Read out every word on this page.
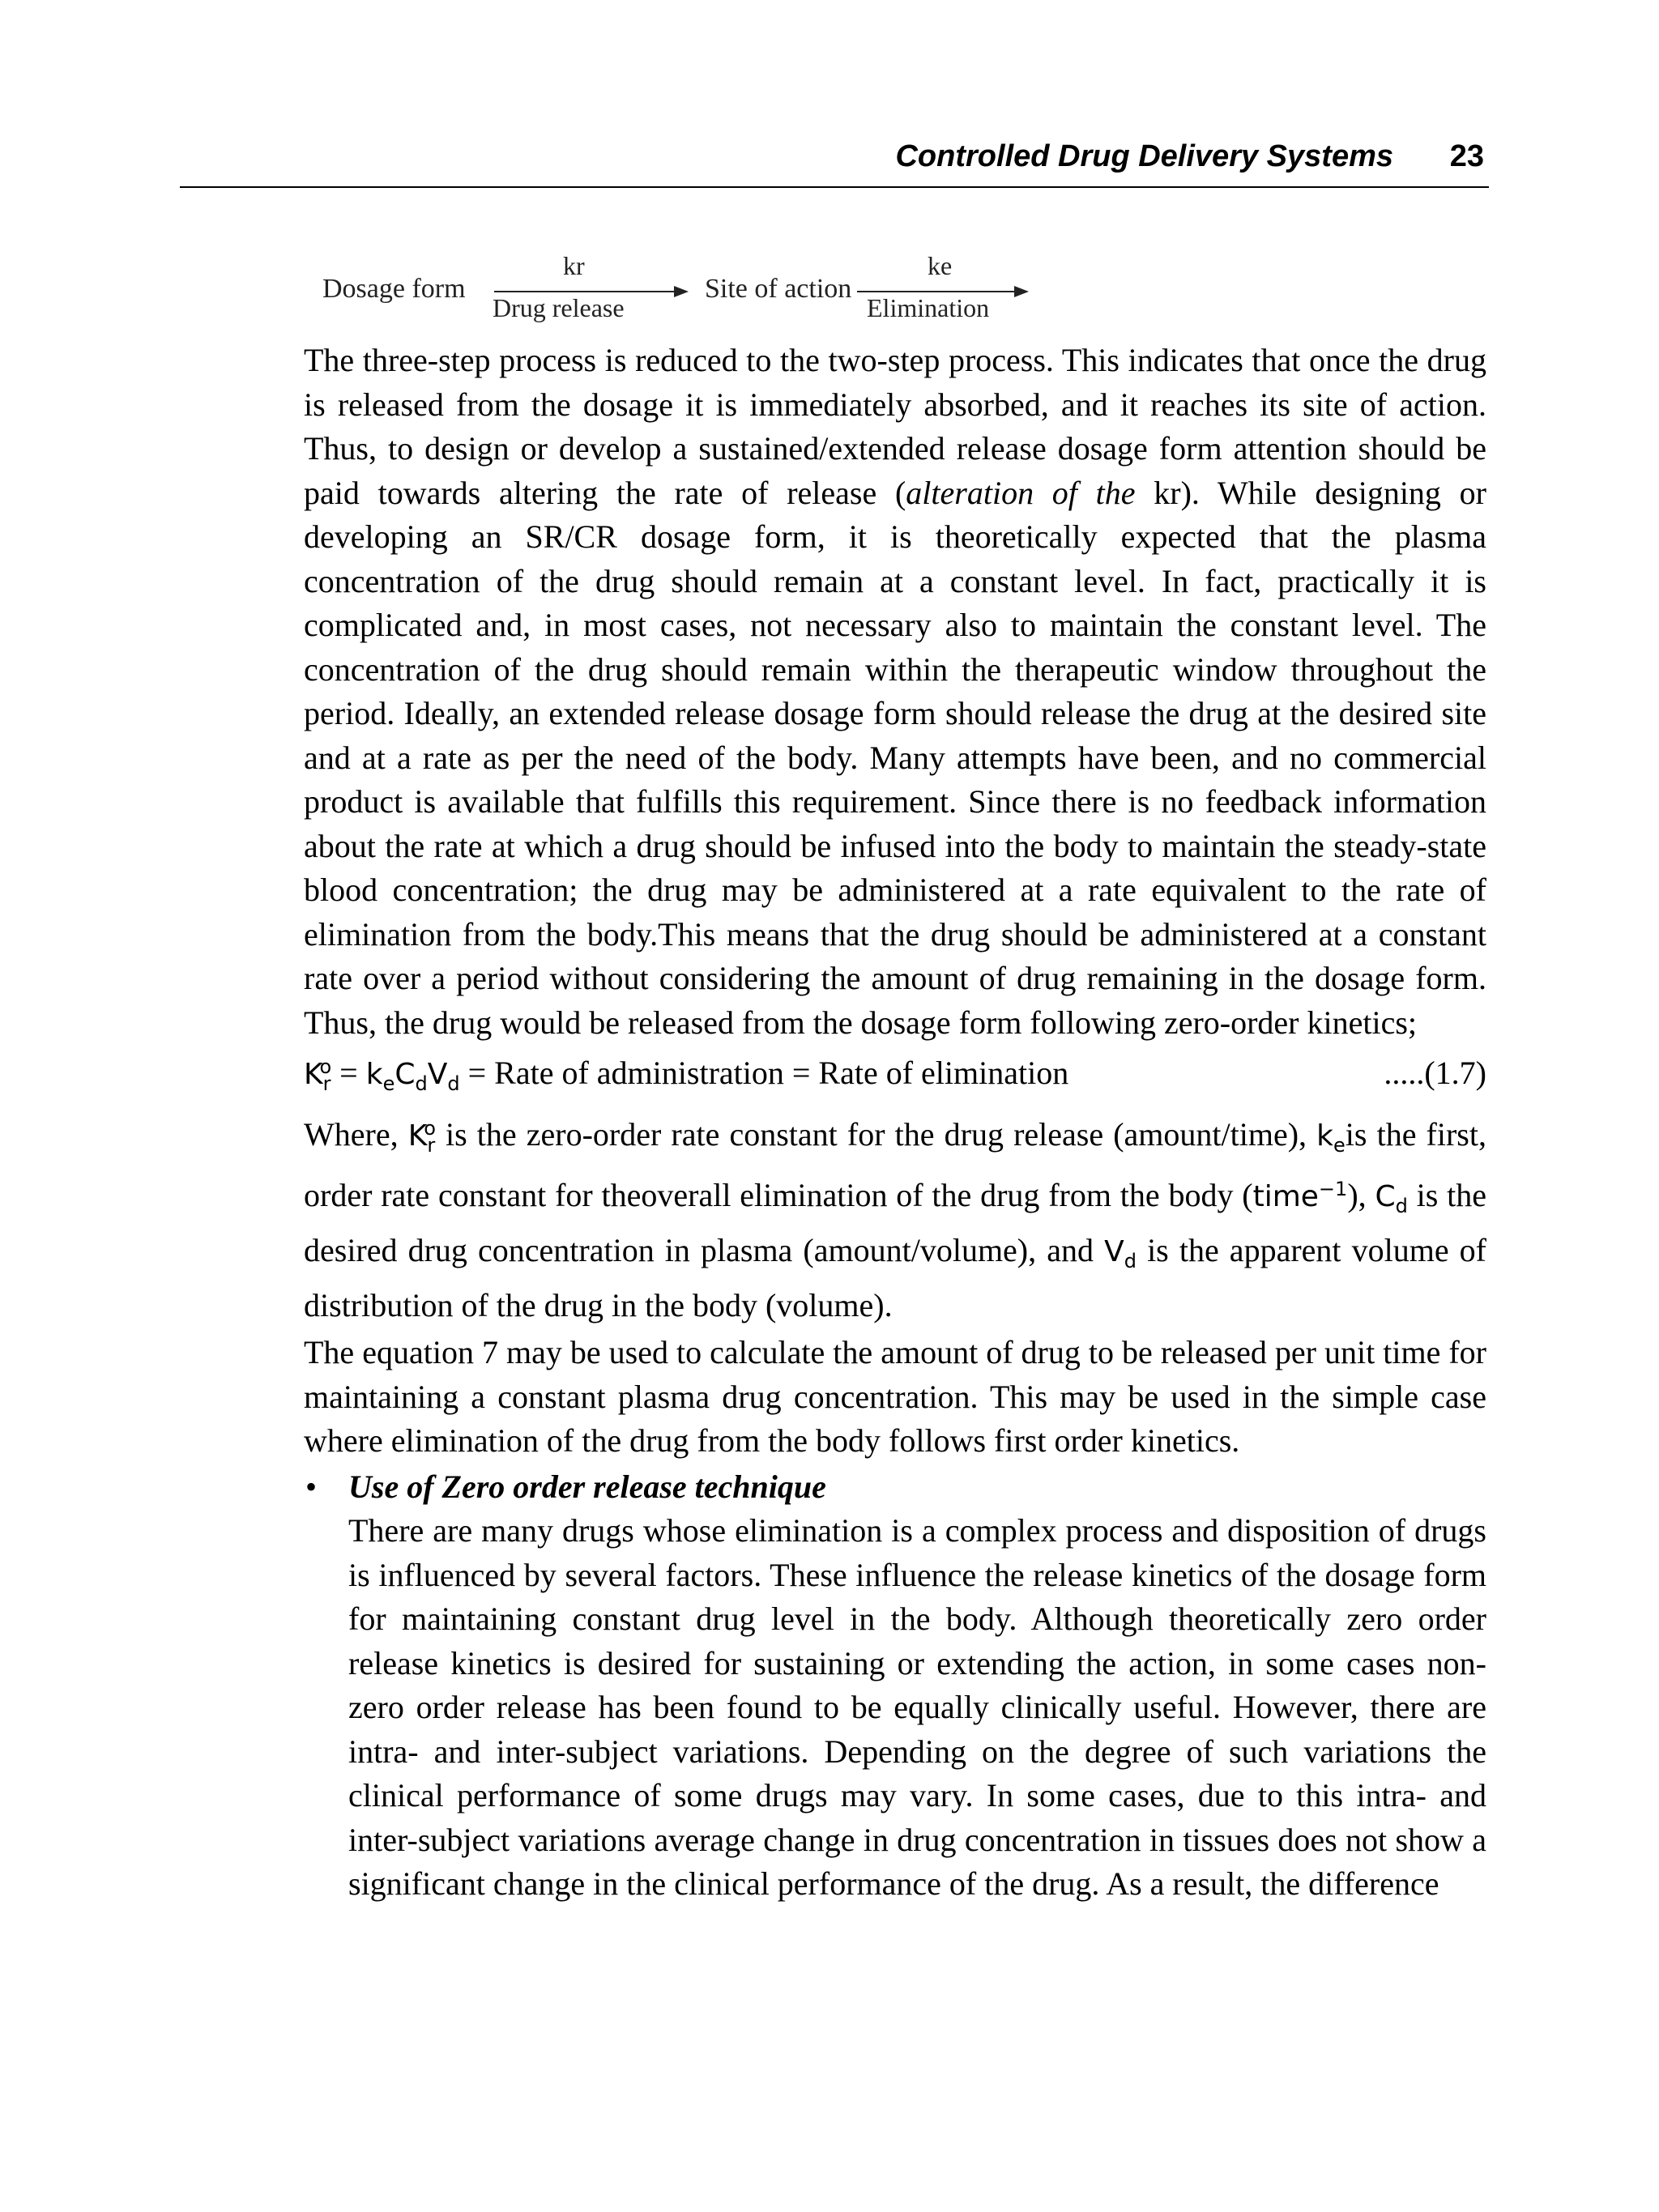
Controlled Drug Delivery Systems 23
Dosage form
kr
Drug release
Site of action
ke
Elimination

The three-step process is reduced to the two-step process. This indicates that once the drug is released from the dosage it is immediately absorbed, and it reaches its site of action. Thus, to design or develop a sustained/extended release dosage form attention should be paid towards altering the rate of release (alteration of the kr). While designing or developing an SR/CR dosage form, it is theoretically expected that the plasma concentration of the drug should remain at a constant level. In fact, practically it is complicated and, in most cases, not necessary also to maintain the constant level. The concentration of the drug should remain within the therapeutic window throughout the period. Ideally, an extended release dosage form should release the drug at the desired site and at a rate as per the need of the body. Many attempts have been, and no commercial product is available that fulfills this requirement. Since there is no feedback information about the rate at which a drug should be infused into the body to maintain the steady-state blood concentration; the drug may be administered at a rate equivalent to the rate of elimination from the body.This means that the drug should be administered at a constant rate over a period without considering the amount of drug remaining in the dosage form. Thus, the drug would be released from the dosage form following zero-order kinetics;

$K_r^o = k_eC_dV_d$ = Rate of administration = Rate of elimination	.....(1.7)

Where, $K_r^o$ is the zero-order rate constant for the drug release (amount/time), $k_eis$ the first, order rate constant for theoverall elimination of the drug from the body (time$^{-1}$), $C_d$ is the desired drug concentration in plasma (amount/volume), and $V_d$ is the apparent volume of distribution of the drug in the body (volume).

The equation 7 may be used to calculate the amount of drug to be released per unit time for maintaining a constant plasma drug concentration. This may be used in the simple case where elimination of the drug from the body follows first order kinetics.

• Use of Zero order release technique

There are many drugs whose elimination is a complex process and disposition of drugs is influenced by several factors. These influence the release kinetics of the dosage form for maintaining constant drug level in the body. Although theoretically zero order release kinetics is desired for sustaining or extending the action, in some cases non-zero order release has been found to be equally clinically useful. However, there are intra- and inter-subject variations. Depending on the degree of such variations the clinical performance of some drugs may vary. In some cases, due to this intra- and inter-subject variations average change in drug concentration in tissues does not show a significant change in the clinical performance of the drug. As a result, the difference
